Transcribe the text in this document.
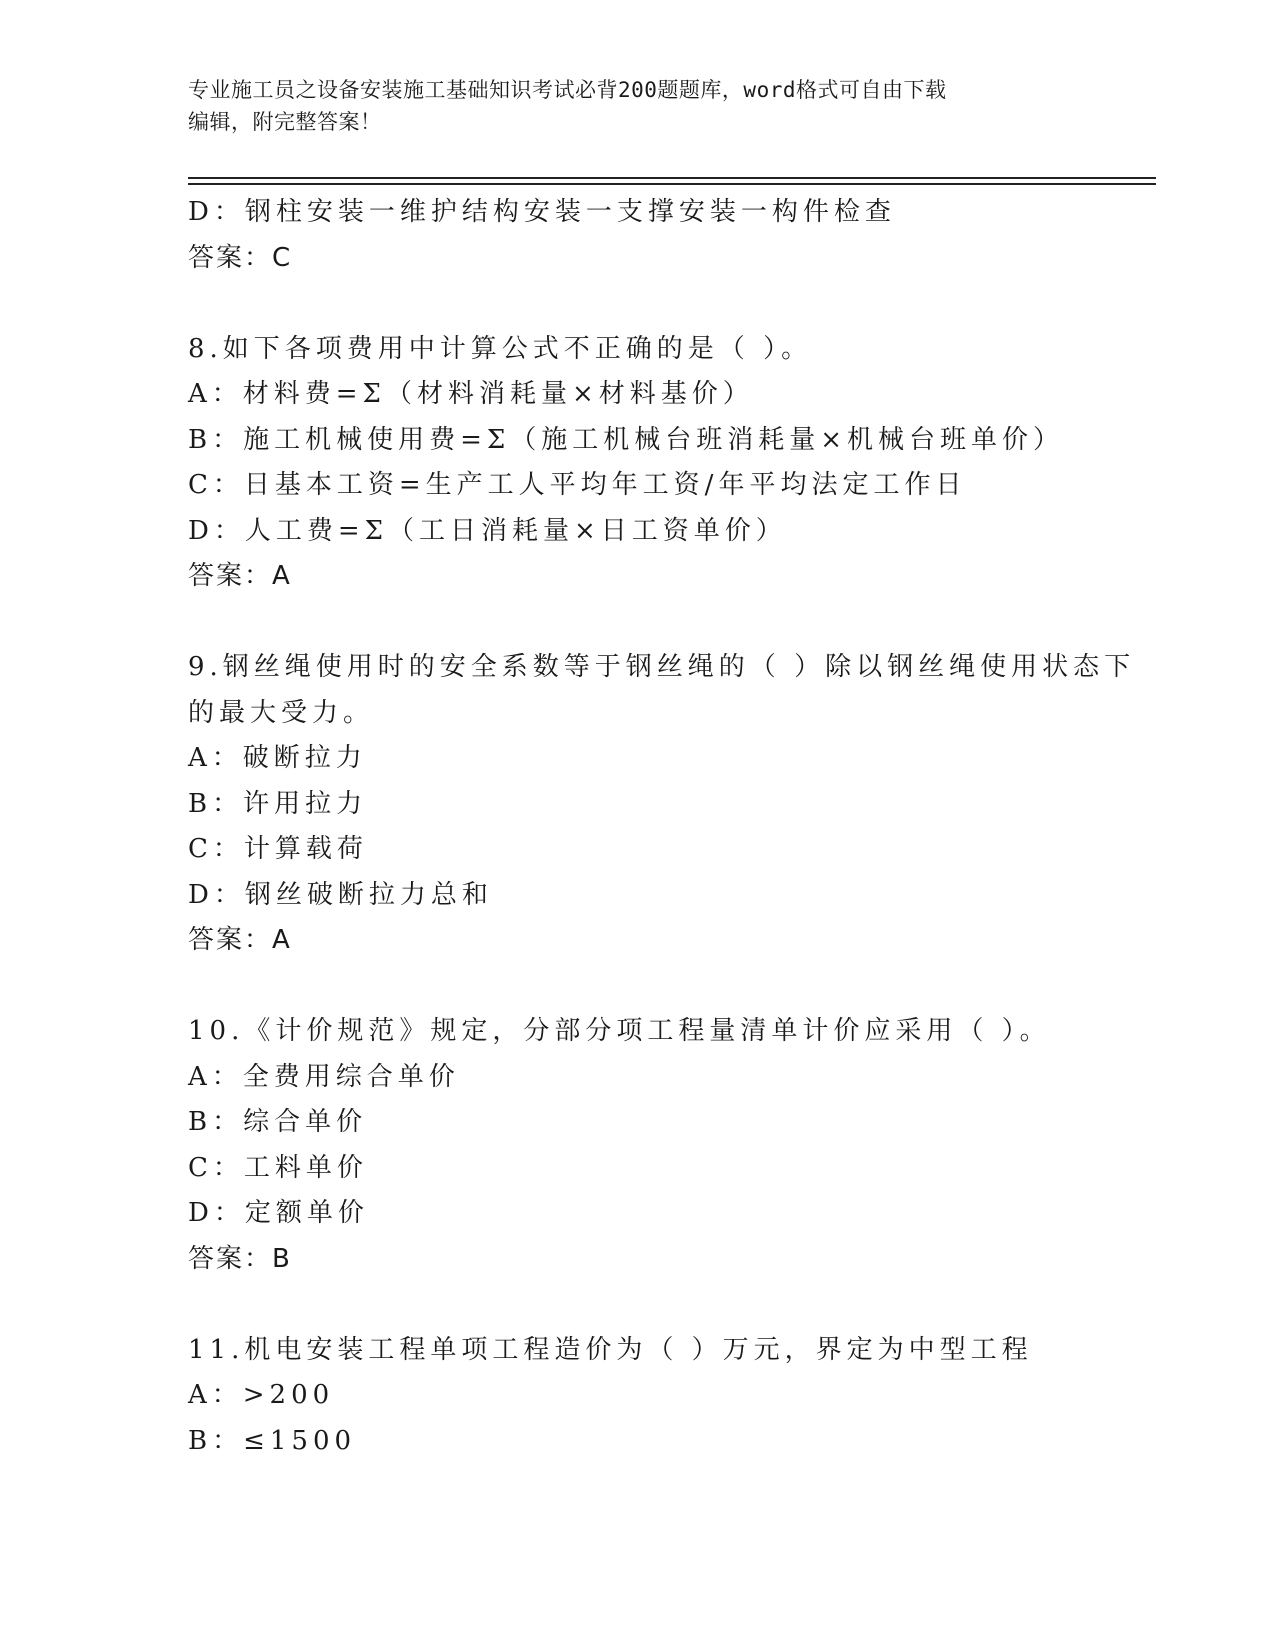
专业施工员之设备安装施工基础知识考试必背200题题库，word格式可自由下载
编辑，附完整答案！
D：钢柱安装一维护结构安装一支撑安装一构件检查
答案：C
8.如下各项费用中计算公式不正确的是（ ）。
A：材料费=Σ（材料消耗量×材料基价）
B：施工机械使用费=Σ（施工机械台班消耗量×机械台班单价）
C：日基本工资=生产工人平均年工资/年平均法定工作日
D：人工费=Σ（工日消耗量×日工资单价）
答案：A
9.钢丝绳使用时的安全系数等于钢丝绳的（ ）除以钢丝绳使用状态下
的最大受力。
A：破断拉力
B：许用拉力
C：计算载荷
D：钢丝破断拉力总和
答案：A
10.《计价规范》规定，分部分项工程量清单计价应采用（ ）。
A：全费用综合单价
B：综合单价
C：工料单价
D：定额单价
答案：B
11.机电安装工程单项工程造价为（ ）万元，界定为中型工程
A：>200
B：≤1500
